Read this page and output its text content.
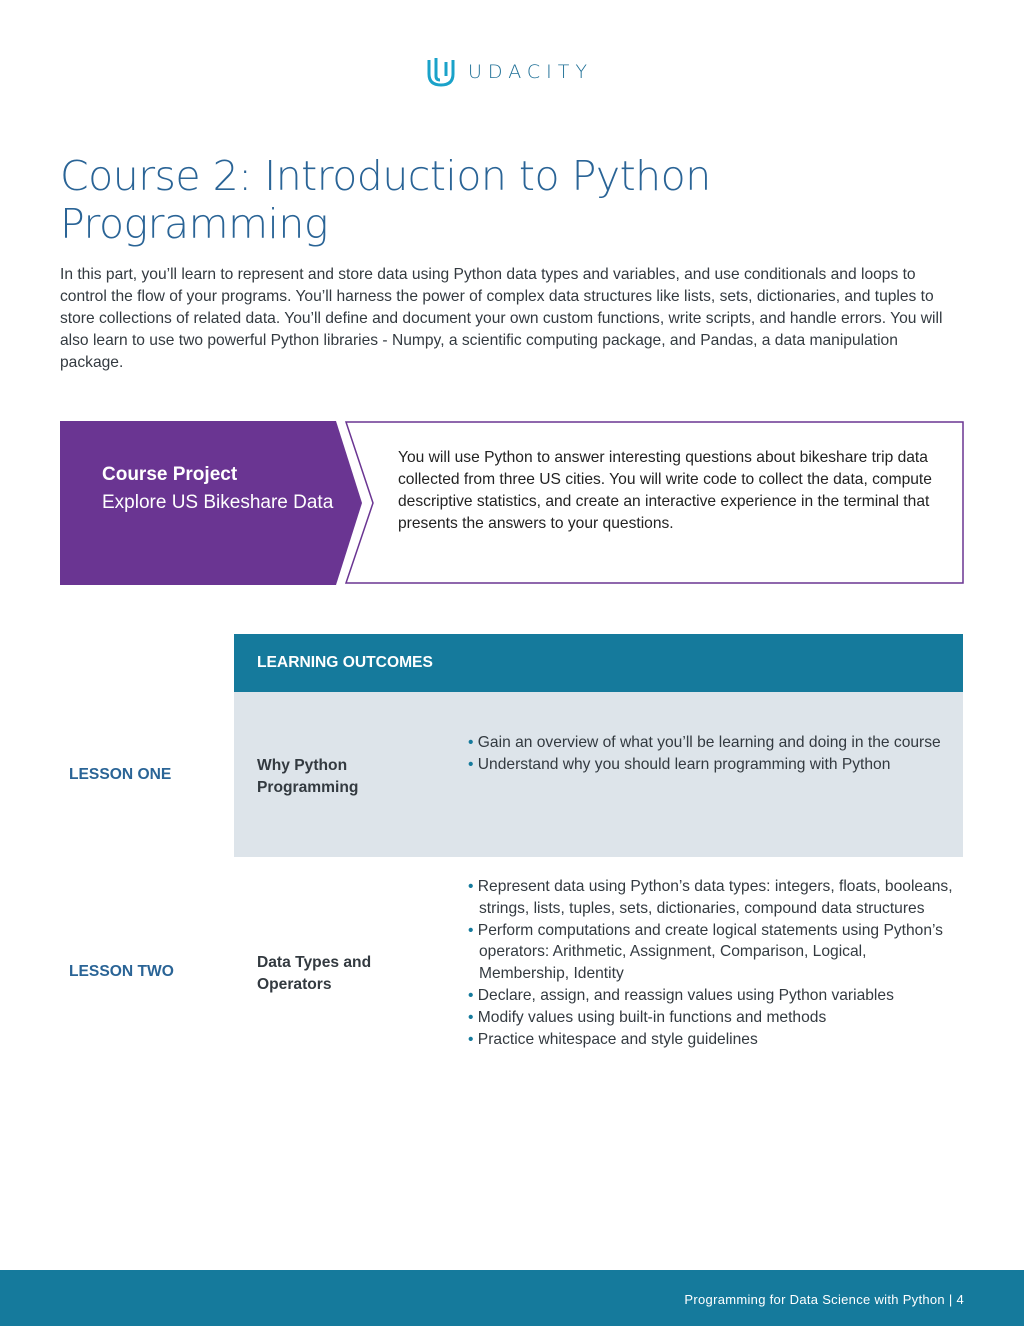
UDACITY
Course 2: Introduction to Python Programming
In this part, you’ll learn to represent and store data using Python data types and variables, and use conditionals and loops to control the flow of your programs. You’ll harness the power of complex data structures like lists, sets, dictionaries, and tuples to store collections of related data. You’ll define and document your own custom functions, write scripts, and handle errors. You will also learn to use two powerful Python libraries - Numpy, a scientific computing package, and Pandas, a data manipulation package.
Course Project
Explore US Bikeshare Data
You will use Python to answer interesting questions about bikeshare trip data collected from three US cities. You will write code to collect the data, compute descriptive statistics, and create an interactive experience in the terminal that presents the answers to your questions.
LEARNING OUTCOMES
LESSON ONE
Why Python Programming
• Gain an overview of what you’ll be learning and doing in the course
• Understand why you should learn programming with Python
LESSON TWO
Data Types and Operators
• Represent data using Python’s data types: integers, floats, booleans, strings, lists, tuples, sets, dictionaries, compound data structures
• Perform computations and create logical statements using Python’s operators: Arithmetic, Assignment, Comparison, Logical, Membership, Identity
• Declare, assign, and reassign values using Python variables
• Modify values using built-in functions and methods
• Practice whitespace and style guidelines
Programming for Data Science with Python | 4
